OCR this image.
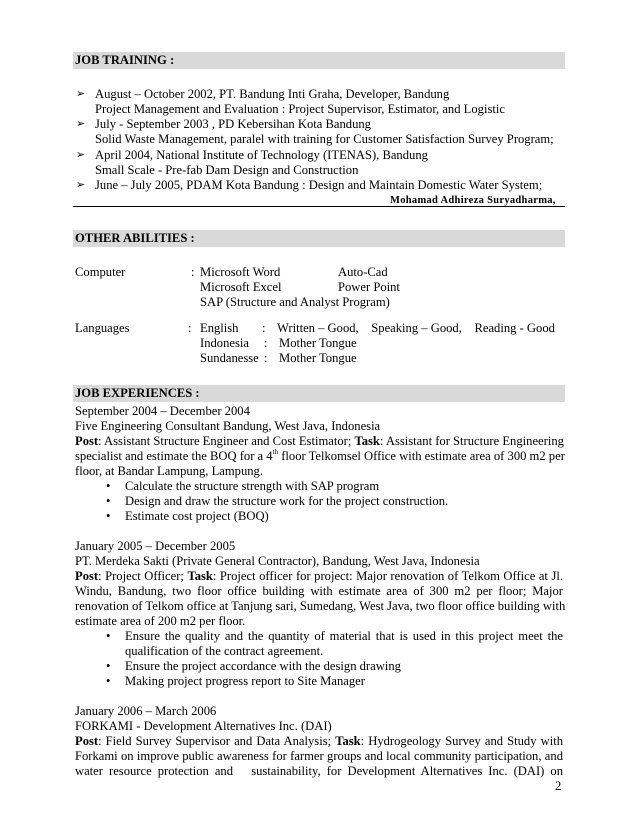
JOB TRAINING :
➢ August – October 2002, PT. Bandung Inti Graha, Developer, Bandung
Project Management and Evaluation : Project Supervisor, Estimator, and Logistic
➢ July - September 2003 , PD Kebersihan Kota Bandung
Solid Waste Management, paralel with training for Customer Satisfaction Survey Program;
➢ April 2004, National Institute of Technology (ITENAS), Bandung
Small Scale - Pre-fab Dam Design and Construction
➢ June – July 2005, PDAM Kota Bandung : Design and Maintain Domestic Water System;
Mohamad Adhireza Suryadharma,
OTHER ABILITIES :
Computer	: Microsoft Word	Auto-Cad
Microsoft Excel	Power Point
SAP (Structure and Analyst Program)
Languages	: English : Written – Good,    Speaking – Good,    Reading - Good
Indonesia : Mother Tongue
Sundanesse : Mother Tongue
JOB EXPERIENCES :
September 2004 – December 2004
Five Engineering Consultant Bandung, West Java, Indonesia
Post: Assistant Structure Engineer and Cost Estimator; Task: Assistant for Structure Engineering
specialist and estimate the BOQ for a 4th floor Telkomsel Office with estimate area of 300 m2 per
floor, at Bandar Lampung, Lampung.
• Calculate the structure strength with SAP program
• Design and draw the structure work for the project construction.
• Estimate cost project (BOQ)
January 2005 – December 2005
PT. Merdeka Sakti (Private General Contractor), Bandung, West Java, Indonesia
Post: Project Officer; Task: Project officer for project: Major renovation of Telkom Office at Jl.
Windu, Bandung, two floor office building with estimate area of 300 m2 per floor; Major
renovation of Telkom office at Tanjung sari, Sumedang, West Java, two floor office building with
estimate area of 200 m2 per floor.
• Ensure the quality and the quantity of material that is used in this project meet the
qualification of the contract agreement.
• Ensure the project accordance with the design drawing
• Making project progress report to Site Manager
January 2006 – March 2006
FORKAMI - Development Alternatives Inc. (DAI)
Post: Field Survey Supervisor and Data Analysis; Task: Hydrogeology Survey and Study with
Forkami on improve public awareness for farmer groups and local community participation, and
water resource protection and   sustainability, for Development Alternatives Inc. (DAI) on
2
